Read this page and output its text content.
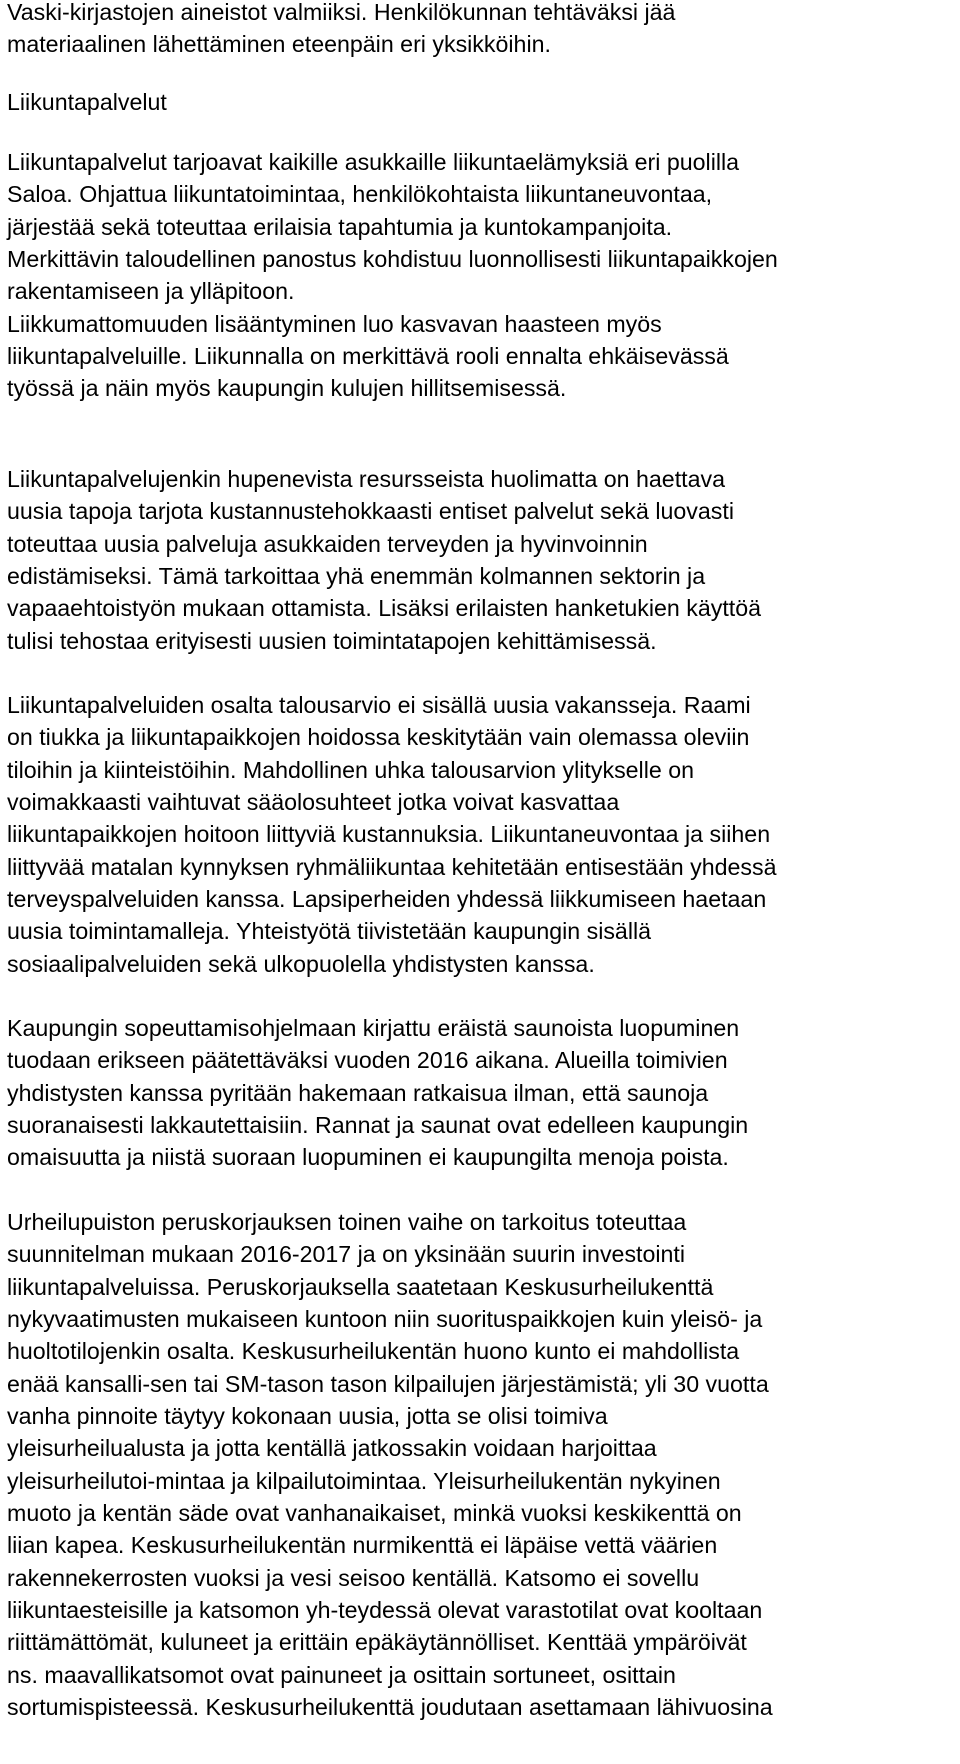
Vaski-kirjastojen aineistot valmiiksi. Henkilökunnan tehtäväksi jää
materiaalinen lähettäminen eteenpäin eri yksikköihin.
Liikuntapalvelut
Liikuntapalvelut tarjoavat kaikille asukkaille liikuntaelämyksiä eri puolilla
Saloa. Ohjattua liikuntatoimintaa, henkilökohtaista liikuntaneuvontaa,
järjestää sekä toteuttaa erilaisia tapahtumia ja kuntokampanjoita.
Merkittävin taloudellinen panostus kohdistuu luonnollisesti liikuntapaikkojen
rakentamiseen ja ylläpitoon.
Liikkumattomuuden lisääntyminen luo kasvavan haasteen myös
liikuntapalveluille. Liikunnalla on merkittävä rooli ennalta ehkäisevässä
työssä ja näin myös kaupungin kulujen hillitsemisessä.
Liikuntapalvelujenkin hupenevista resursseista huolimatta on haettava
uusia tapoja tarjota kustannustehokkaasti entiset palvelut sekä luovasti
toteuttaa uusia palveluja asukkaiden terveyden ja hyvinvoinnin
edistämiseksi. Tämä tarkoittaa yhä enemmän kolmannen sektorin ja
vapaaehtoistyön mukaan ottamista. Lisäksi erilaisten hanketukien käyttöä
tulisi tehostaa erityisesti uusien toimintatapojen kehittämisessä.
Liikuntapalveluiden osalta talousarvio ei sisällä uusia vakansseja. Raami
on tiukka ja liikuntapaikkojen hoidossa keskitytään vain olemassa oleviin
tiloihin ja kiinteistöihin. Mahdollinen uhka talousarvion ylitykselle on
voimakkaasti vaihtuvat sääolosuhteet jotka voivat kasvattaa
liikuntapaikkojen hoitoon liittyviä kustannuksia. Liikuntaneuvontaa ja siihen
liittyvää matalan kynnyksen ryhmäliikuntaa kehitetään entisestään yhdessä
terveyspalveluiden kanssa. Lapsiperheiden yhdessä liikkumiseen haetaan
uusia toimintamalleja. Yhteistyötä tiivistetään kaupungin sisällä
sosiaalipalveluiden sekä ulkopuolella yhdistysten kanssa.
Kaupungin sopeuttamisohjelmaan kirjattu eräistä saunoista luopuminen
tuodaan erikseen päätettäväksi vuoden 2016 aikana. Alueilla toimivien
yhdistysten kanssa pyritään hakemaan ratkaisua ilman, että saunoja
suoranaisesti lakkautettaisiin. Rannat ja saunat ovat edelleen kaupungin
omaisuutta ja niistä suoraan luopuminen ei kaupungilta menoja poista.
Urheilupuiston peruskorjauksen toinen vaihe on tarkoitus toteuttaa
suunnitelman mukaan 2016-2017 ja on yksinään suurin investointi
liikuntapalveluissa. Peruskorjauksella saatetaan Keskusurheilukenttä
nykyvaatimusten mukaiseen kuntoon niin suorituspaikkojen kuin yleisö- ja
huoltotilojenkin osalta. Keskusurheilukentän huono kunto ei mahdollista
enää kansalli-sen tai SM-tason tason kilpailujen järjestämistä; yli 30 vuotta
vanha pinnoite täytyy kokonaan uusia, jotta se olisi toimiva
yleisurheilualusta ja jotta kentällä jatkossakin voidaan harjoittaa
yleisurheilutoi-mintaa ja kilpailutoimintaa. Yleisurheilukentän nykyinen
muoto ja kentän säde ovat vanhanaikaiset, minkä vuoksi keskikenttä on
liian kapea. Keskusurheilukentän nurmikenttä ei läpäise vettä väärien
rakennekerrosten vuoksi ja vesi seisoo kentällä. Katsomo ei sovellu
liikuntaesteisille ja katsomon yh-teydessä olevat varastotilat ovat kooltaan
riittämättömät, kuluneet ja erittäin epäkäytännölliset. Kenttää ympäröivät
ns. maavallikatsomot ovat painuneet ja osittain sortuneet, osittain
sortumispisteessä. Keskusurheilukenttä joudutaan asettamaan lähivuosina
